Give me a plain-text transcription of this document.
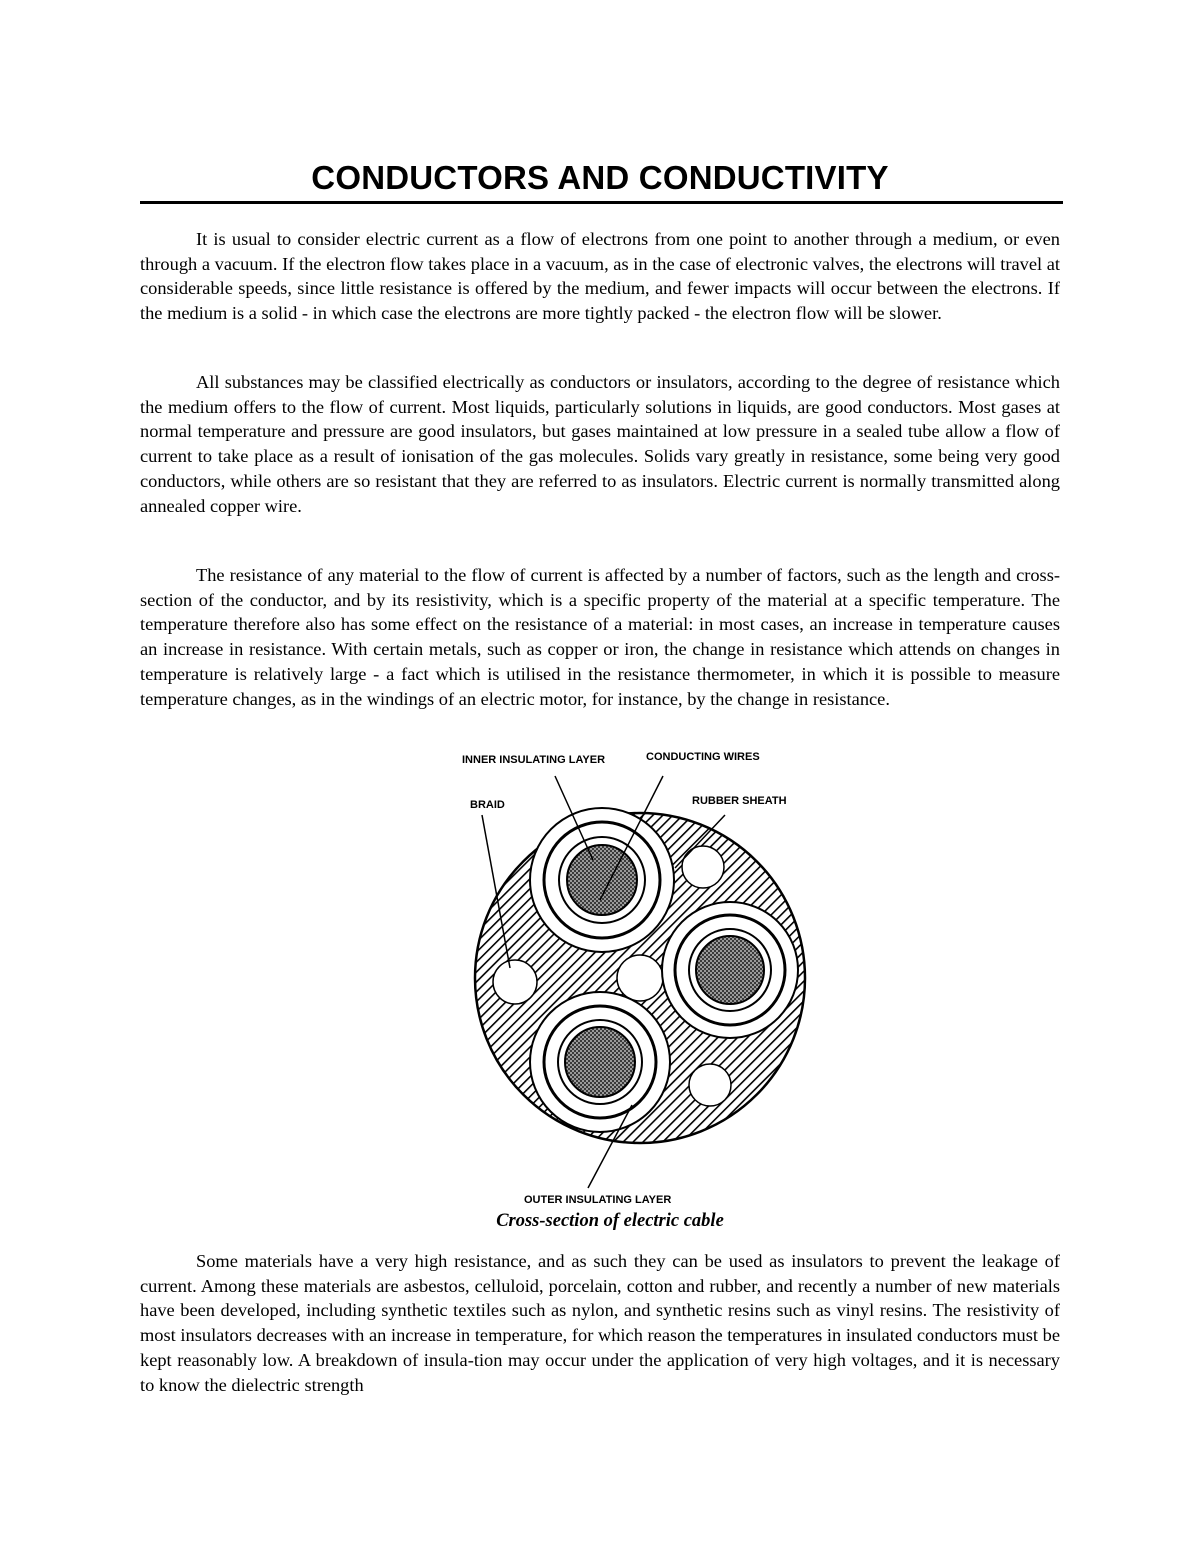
CONDUCTORS AND CONDUCTIVITY

It is usual to consider electric current as a flow of electrons from one point to another through a medium, or even through a vacuum. If the electron flow takes place in a vacuum, as in the case of electronic valves, the electrons will travel at considerable speeds, since little resistance is offered by the medium, and fewer impacts will occur between the electrons. If the medium is a solid - in which case the electrons are more tightly packed - the electron flow will be slower.

All substances may be classified electrically as conductors or insulators, according to the degree of resistance which the medium offers to the flow of current. Most liquids, particularly solutions in liquids, are good conductors. Most gases at normal temperature and pressure are good insulators, but gases maintained at low pressure in a sealed tube allow a flow of current to take place as a result of ionisation of the gas molecules. Solids vary greatly in resistance, some being very good conductors, while others are so resistant that they are referred to as insulators. Electric current is normally transmitted along annealed copper wire.

The resistance of any material to the flow of current is affected by a number of factors, such as the length and cross-section of the conductor, and by its resistivity, which is a specific property of the material at a specific temperature. The temperature therefore also has some effect on the resistance of a material: in most cases, an increase in temperature causes an increase in resistance. With certain metals, such as copper or iron, the change in resistance which attends on changes in temperature is relatively large - a fact which is utilised in the resistance thermometer, in which it is possible to measure temperature changes, as in the windings of an electric motor, for instance, by the change in resistance.

INNER INSULATING LAYER	CONDUCTING WIRES
BRAID	RUBBER SHEATH
OUTER INSULATING LAYER

Cross-section of electric cable

Some materials have a very high resistance, and as such they can be used as insulators to prevent the leakage of current. Among these materials are asbestos, celluloid, porcelain, cotton and rubber, and recently a number of new materials have been developed, including synthetic textiles such as nylon, and synthetic resins such as vinyl resins. The resistivity of most insulators decreases with an increase in temperature, for which reason the temperatures in insulated conductors must be kept reasonably low. A breakdown of insula-tion may occur under the application of very high voltages, and it is necessary to know the dielectric strength
